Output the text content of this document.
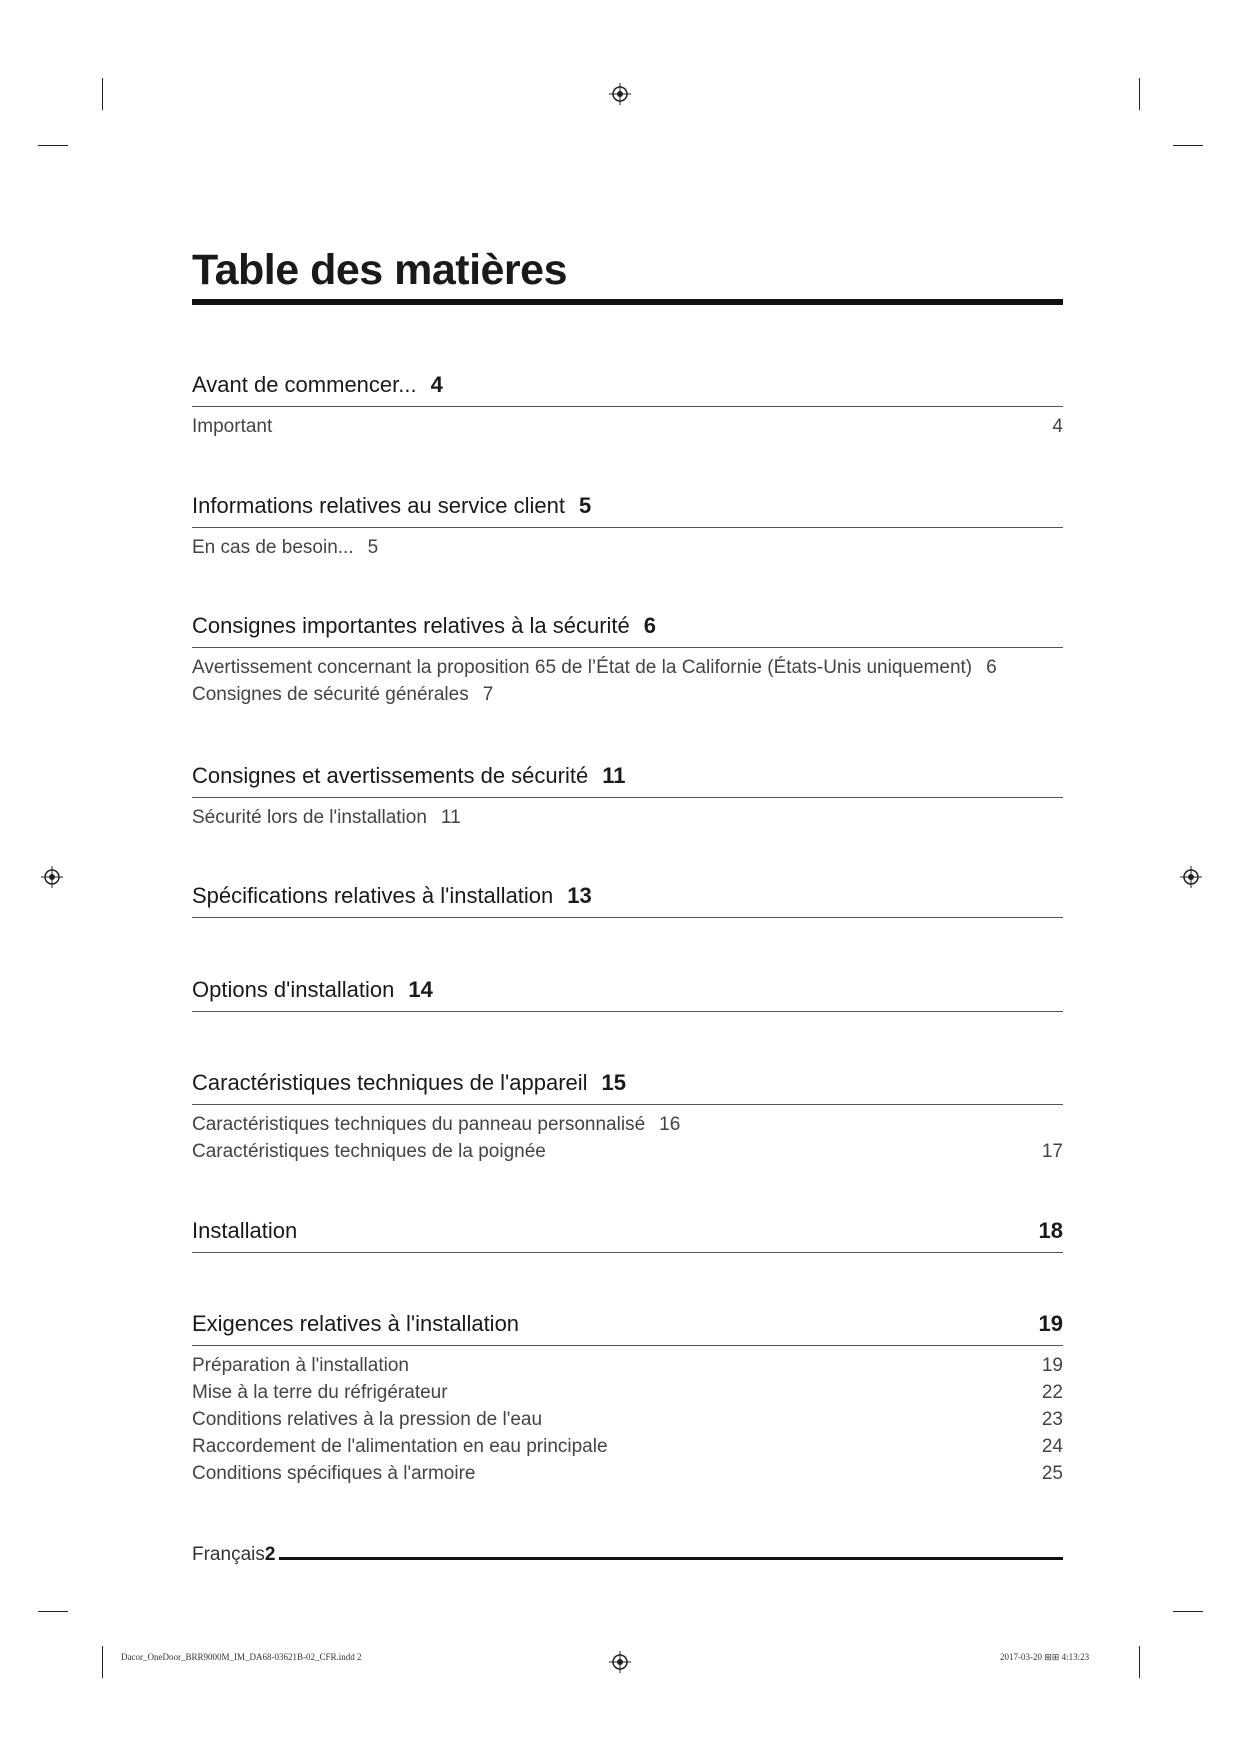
Table des matières
Avant de commencer... 4
Important	4
Informations relatives au service client 5
En cas de besoin... 5
Consignes importantes relatives à la sécurité 6
Avertissement concernant la proposition 65 de l’État de la Californie (États-Unis uniquement) 6
Consignes de sécurité générales 7
Consignes et avertissements de sécurité 11
Sécurité lors de l'installation 11
Spécifications relatives à l'installation 13
Options d'installation 14
Caractéristiques techniques de l'appareil 15
Caractéristiques techniques du panneau personnalisé 16
Caractéristiques techniques de la poignée	17
Installation	18
Exigences relatives à l'installation	19
Préparation à l'installation	19
Mise à la terre du réfrigérateur	22
Conditions relatives à la pression de l'eau	23
Raccordement de l'alimentation en eau principale	24
Conditions spécifiques à l'armoire	25
Français 2
Dacor_OneDoor_BRR9000M_IM_DA68-03621B-02_CFR.indd 2	2017-03-20 ⊞⊞ 4:13:23
